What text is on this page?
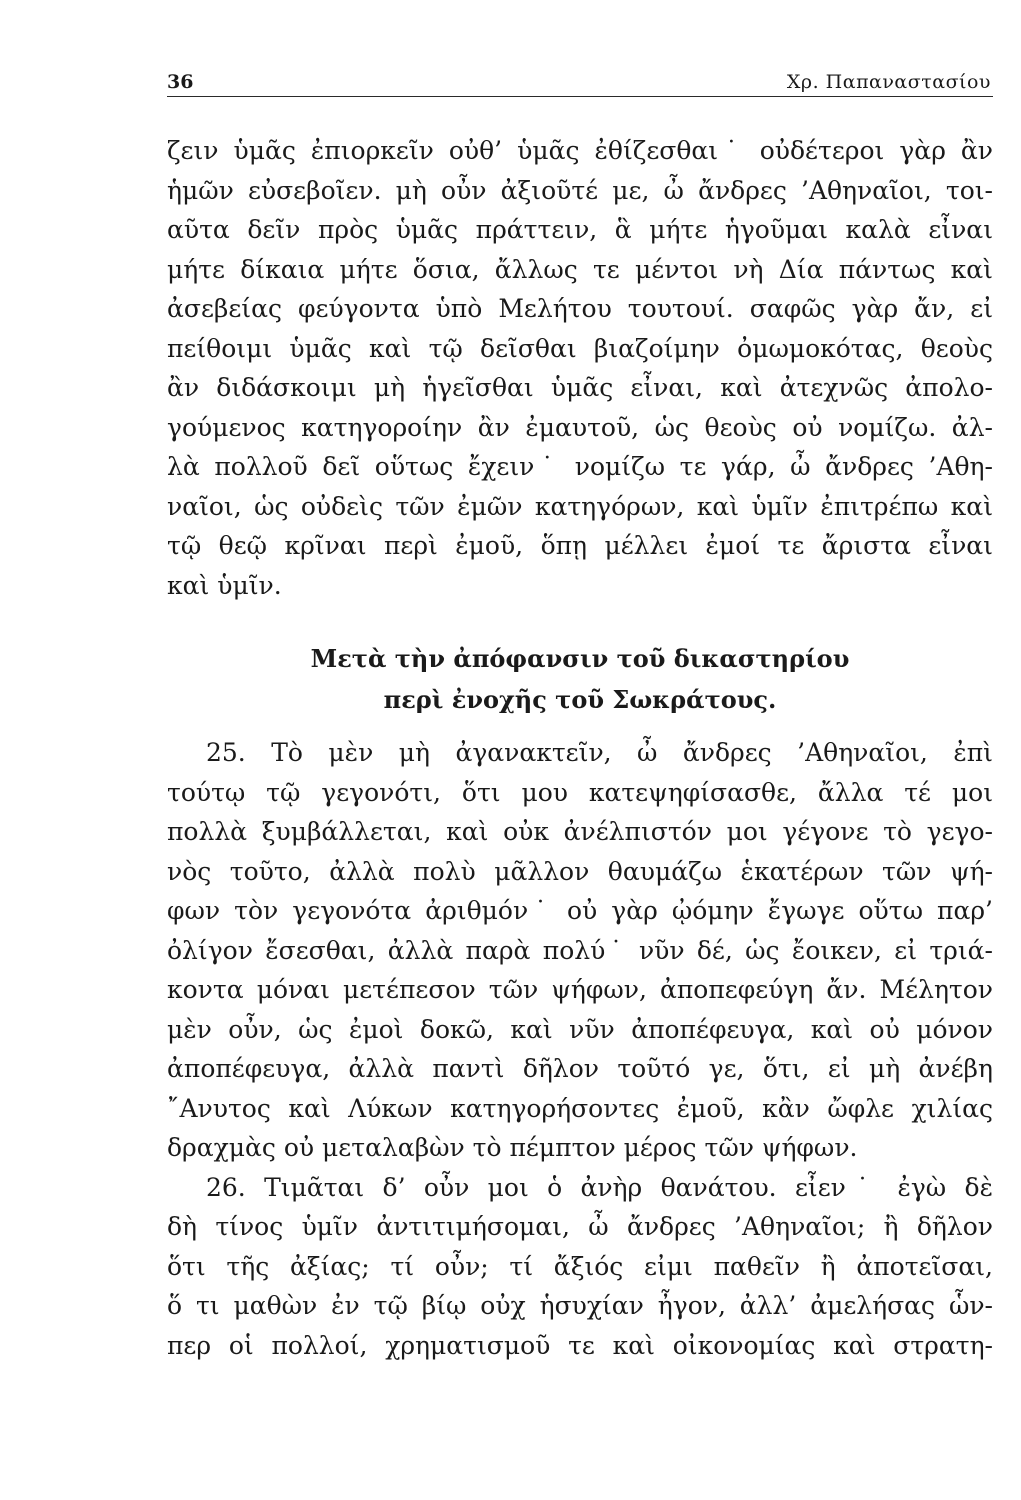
36	Χρ. Παπαναστασίου
ζειν ὑμᾶς ἐπιορκεῖν οὐθ’ ὑμᾶς ἐθίζεσθαι˙ οὐδέτεροι γὰρ ἂν
ἡμῶν εὐσεβοῖεν. μὴ οὖν ἀξιοῦτέ με, ὦ ἄνδρες ’Αθηναῖοι, τοι-
αῦτα δεῖν πρὸς ὑμᾶς πράττειν, ἃ μήτε ἡγοῦμαι καλὰ εἶναι
μήτε δίκαια μήτε ὅσια, ἄλλως τε μέντοι νὴ Δία πάντως καὶ
ἀσεβείας φεύγοντα ὑπὸ Μελήτου τουτουί. σαφῶς γὰρ ἄν, εἰ
πείθοιμι ὑμᾶς καὶ τῷ δεῖσθαι βιαζοίμην ὀμωμοκότας, θεοὺς
ἂν διδάσκοιμι μὴ ἡγεῖσθαι ὑμᾶς εἶναι, καὶ ἀτεχνῶς ἀπολο-
γούμενος κατηγοροίην ἂν ἐμαυτοῦ, ὡς θεοὺς οὐ νομίζω. ἀλ-
λὰ πολλοῦ δεῖ οὕτως ἔχειν˙ νομίζω τε γάρ, ὦ ἄνδρες ’Αθη-
ναῖοι, ὡς οὐδεὶς τῶν ἐμῶν κατηγόρων, καὶ ὑμῖν ἐπιτρέπω καὶ
τῷ θεῷ κρῖναι περὶ ἐμοῦ, ὅπῃ μέλλει ἐμοί τε ἄριστα εἶναι
καὶ ὑμῖν.
Μετὰ τὴν ἀπόφανσιν τοῦ δικαστηρίου
περὶ ἐνοχῆς τοῦ Σωκράτους.
25. Τὸ μὲν μὴ ἀγανακτεῖν, ὦ ἄνδρες ’Αθηναῖοι, ἐπὶ
τούτῳ τῷ γεγονότι, ὅτι μου κατεψηφίσασθε, ἄλλα τέ μοι
πολλὰ ξυμβάλλεται, καὶ οὐκ ἀνέλπιστόν μοι γέγονε τὸ γεγο-
νὸς τοῦτο, ἀλλὰ πολὺ μᾶλλον θαυμάζω ἑκατέρων τῶν ψή-
φων τὸν γεγονότα ἀριθμόν˙ οὐ γὰρ ᾠόμην ἔγωγε οὕτω παρ’
ὀλίγον ἔσεσθαι, ἀλλὰ παρὰ πολύ˙ νῦν δέ, ὡς ἔοικεν, εἰ τριά-
κοντα μόναι μετέπεσον τῶν ψήφων, ἀποπεφεύγη ἄν. Μέλητον
μὲν οὖν, ὡς ἐμοὶ δοκῶ, καὶ νῦν ἀποπέφευγα, καὶ οὐ μόνον
ἀποπέφευγα, ἀλλὰ παντὶ δῆλον τοῦτό γε, ὅτι, εἰ μὴ ἀνέβη
῎Ανυτος καὶ Λύκων κατηγορήσοντες ἐμοῦ, κἂν ὤφλε χιλίας
δραχμὰς οὐ μεταλαβὼν τὸ πέμπτον μέρος τῶν ψήφων.
26. Τιμᾶται δ’ οὖν μοι ὁ ἀνὴρ θανάτου. εἶεν˙ ἐγὼ δὲ
δὴ τίνος ὑμῖν ἀντιτιμήσομαι, ὦ ἄνδρες ’Αθηναῖοι; ἢ δῆλον
ὅτι τῆς ἀξίας; τί οὖν; τί ἄξιός εἰμι παθεῖν ἢ ἀποτεῖσαι,
ὅ τι μαθὼν ἐν τῷ βίῳ οὐχ ἡσυχίαν ἦγον, ἀλλ’ ἀμελήσας ὧν-
περ οἱ πολλοί, χρηματισμοῦ τε καὶ οἰκονομίας καὶ στρατη-
